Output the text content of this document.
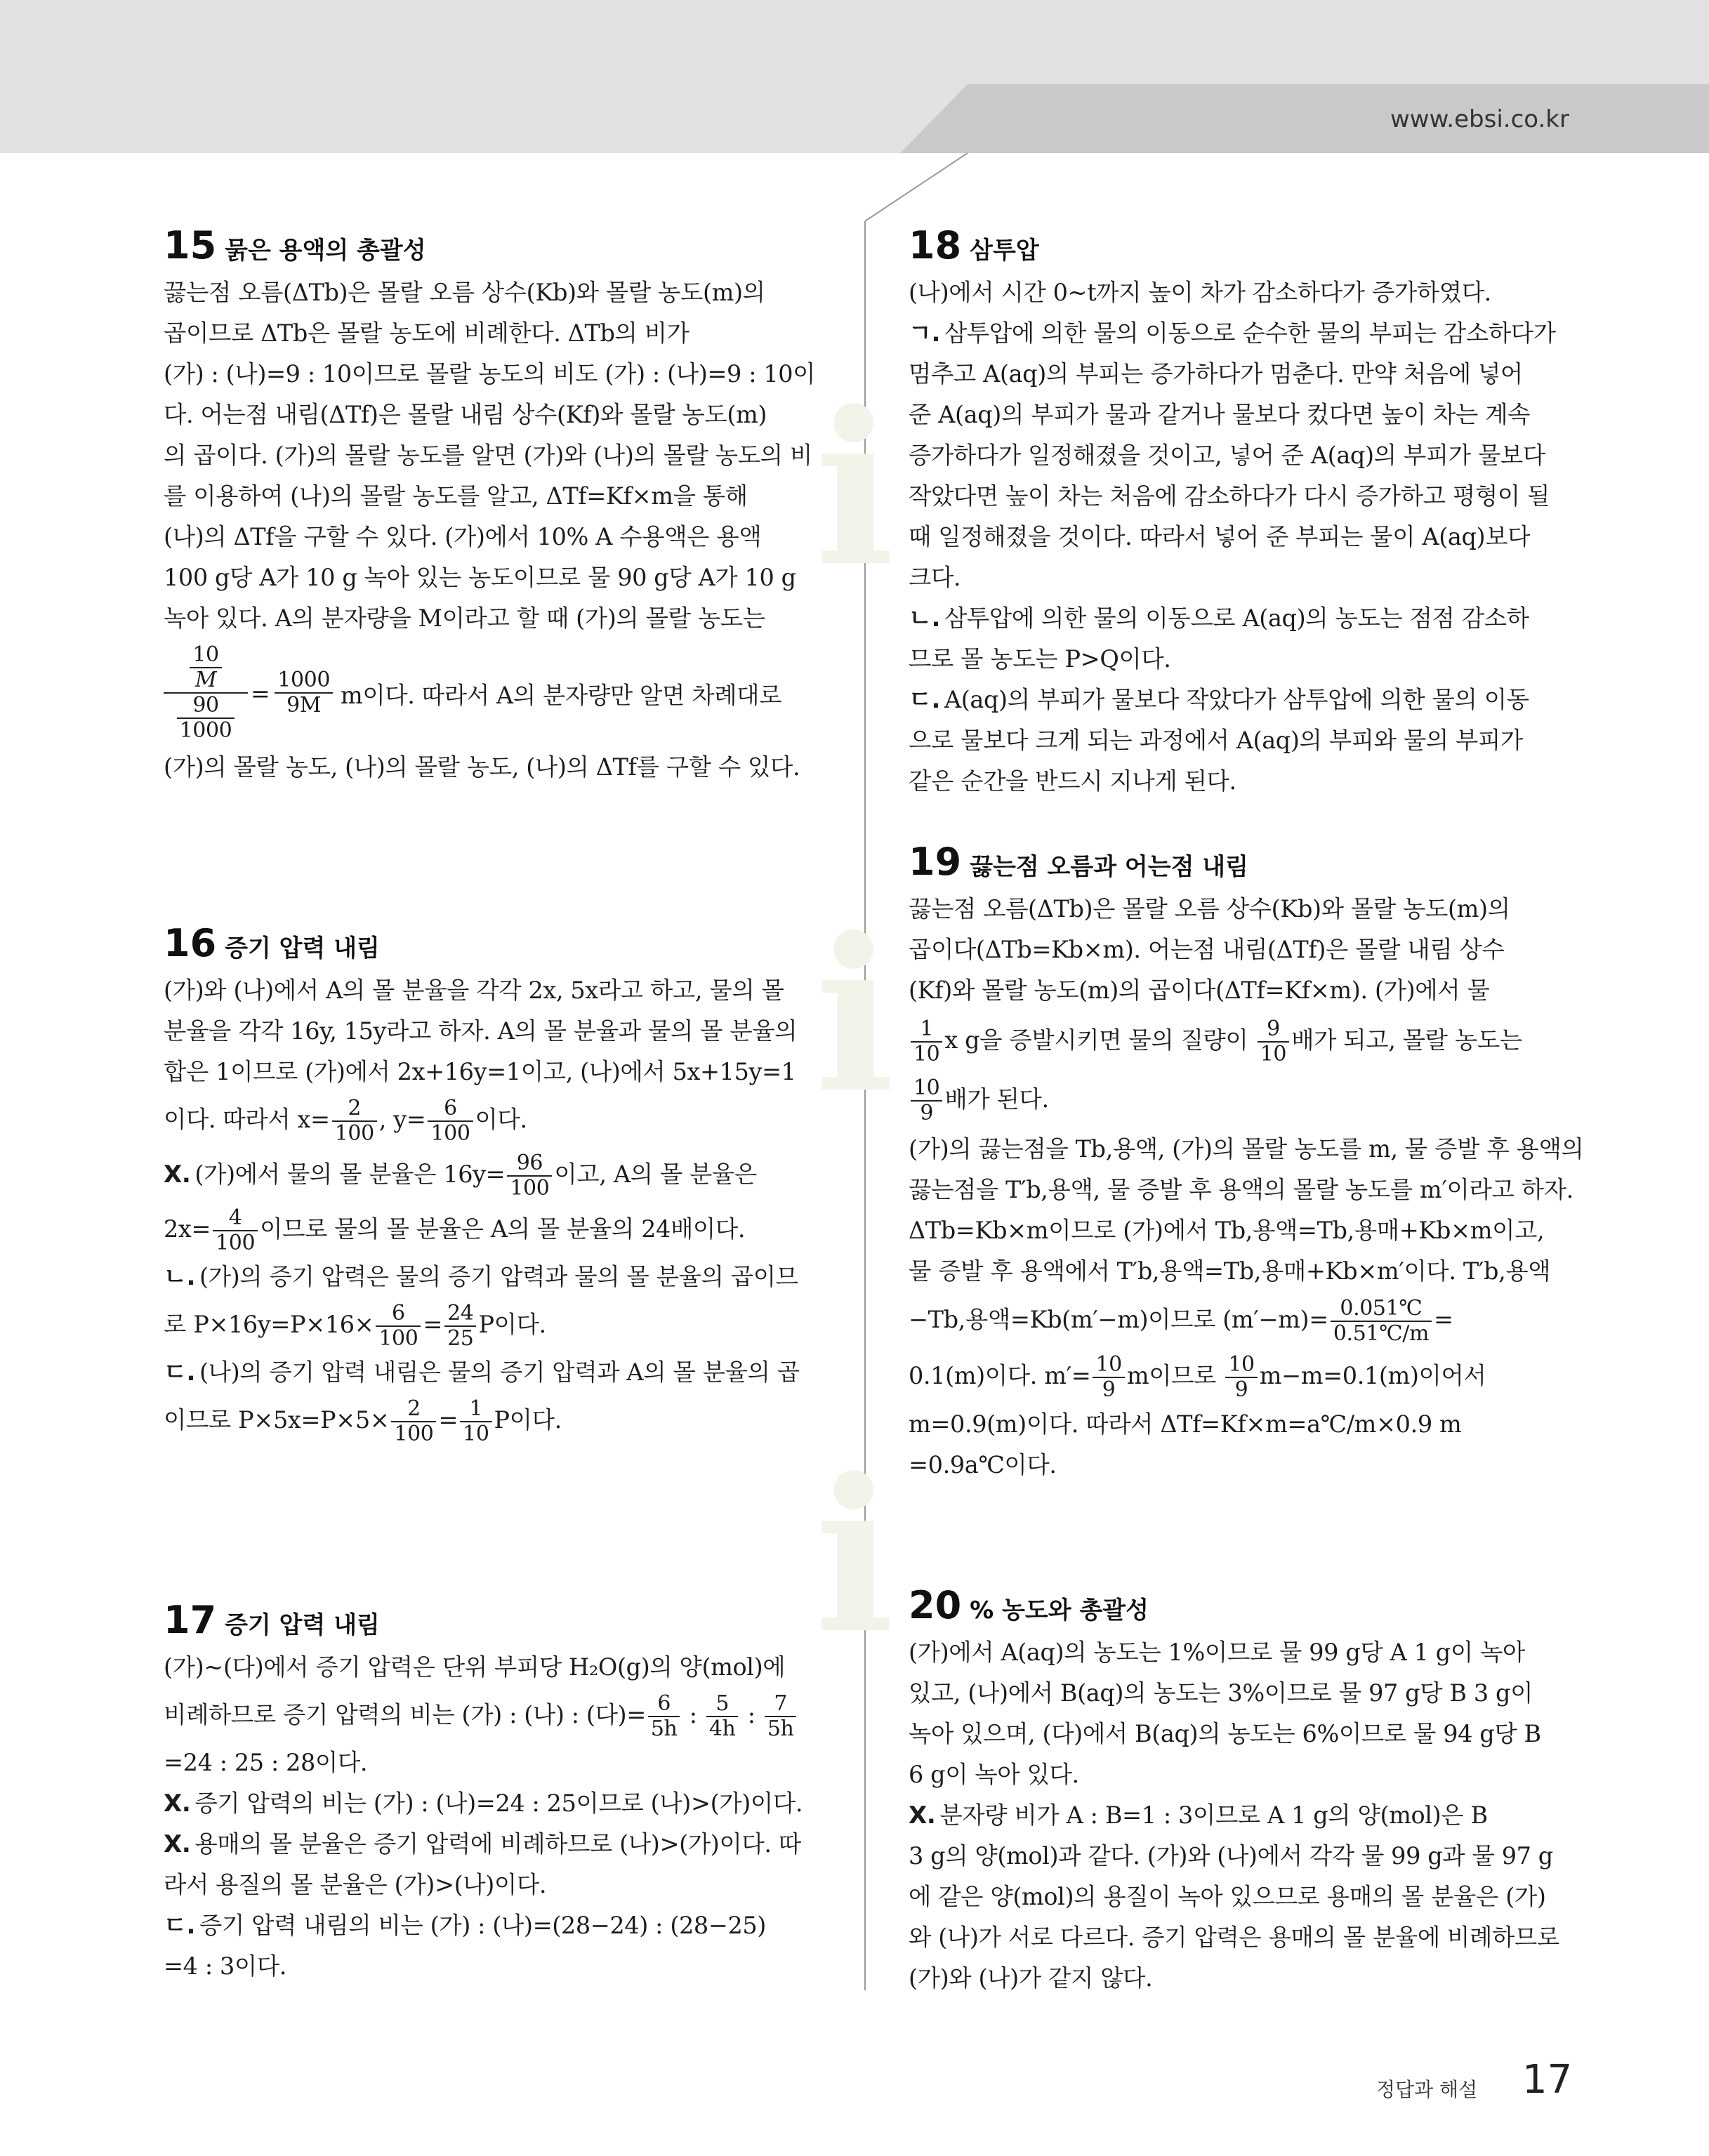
www.ebsi.co.kr
i
i
i
15 묽은 용액의 총괄성

끓는점 오름(ΔTb)은 몰랄 오름 상수(Kb)와 몰랄 농도(m)의

곱이므로 ΔTb은 몰랄 농도에 비례한다. ΔTb의 비가

(가) : (나)=9 : 10이므로 몰랄 농도의 비도 (가) : (나)=9 : 10이

다. 어는점 내림(ΔTf)은 몰랄 내림 상수(Kf)와 몰랄 농도(m)

의 곱이다. (가)의 몰랄 농도를 알면 (가)와 (나)의 몰랄 농도의 비

를 이용하여 (나)의 몰랄 농도를 알고, ΔTf=Kf×m을 통해

(나)의 ΔTf을 구할 수 있다. (가)에서 10% A 수용액은 용액

100 g당 A가 10 g 녹아 있는 농도이므로 물 90 g당 A가 10 g

녹아 있다. A의 분자량을 M이라고 할 때 (가)의 몰랄 농도는

$\frac{\frac{10}{M}}{\frac{90}{1000}} = \frac{1000}{9M}$ m이다. 따라서 A의 분자량만 알면 차례대로

(가)의 몰랄 농도, (나)의 몰랄 농도, (나)의 ΔTf를 구할 수 있다.

16 증기 압력 내림

(가)와 (나)에서 A의 몰 분율을 각각 2x, 5x라고 하고, 물의 몰

분율을 각각 16y, 15y라고 하자. A의 몰 분율과 물의 몰 분율의

합은 1이므로 (가)에서 2x+16y=1이고, (나)에서 5x+15y=1

이다. 따라서 $x= \frac{2}{100}$ , $y= \frac{6}{100}$ 이다.

X. (가)에서 물의 몰 분율은 $16y= \frac{96}{100}$ 이고, A의 몰 분율은

$2x= \frac{4}{100}$ 이므로 물의 몰 분율은 A의 몰 분율의 24배이다.

ㄴ. (가)의 증기 압력은 물의 증기 압력과 물의 몰 분율의 곱이므

로 $P\times 16y=P\times 16\times \frac{6}{100} = \frac{24}{25}$ P이다.

ㄷ. (나)의 증기 압력 내림은 물의 증기 압력과 A의 몰 분율의 곱

이므로 $P\times 5x=P\times 5\times \frac{2}{100} = \frac{1}{10}$ P이다.

17 증기 압력 내림

(가)~(다)에서 증기 압력은 단위 부피당 H₂O(g)의 양(mol)에

비례하므로 증기 압력의 비는 (가) : (나) : (다)= $\frac{6}{5h}$ : $\frac{5}{4h}$ : $\frac{7}{5h}$

=24 : 25 : 28이다.

X. 증기 압력의 비는 (가) : (나)=24 : 25이므로 (나)>(가)이다.

X. 용매의 몰 분율은 증기 압력에 비례하므로 (나)>(가)이다. 따

라서 용질의 몰 분율은 (가)>(나)이다.

ㄷ. 증기 압력 내림의 비는 (가) : (나)=(28−24) : (28−25)

=4 : 3이다.

18 삼투압

(나)에서 시간 0~t까지 높이 차가 감소하다가 증가하였다.

ㄱ. 삼투압에 의한 물의 이동으로 순수한 물의 부피는 감소하다가

멈추고 A(aq)의 부피는 증가하다가 멈춘다. 만약 처음에 넣어

준 A(aq)의 부피가 물과 같거나 물보다 컸다면 높이 차는 계속

증가하다가 일정해졌을 것이고, 넣어 준 A(aq)의 부피가 물보다

작았다면 높이 차는 처음에 감소하다가 다시 증가하고 평형이 될

때 일정해졌을 것이다. 따라서 넣어 준 부피는 물이 A(aq)보다

크다.

ㄴ. 삼투압에 의한 물의 이동으로 A(aq)의 농도는 점점 감소하

므로 몰 농도는 P>Q이다.

ㄷ. A(aq)의 부피가 물보다 작았다가 삼투압에 의한 물의 이동

으로 물보다 크게 되는 과정에서 A(aq)의 부피와 물의 부피가

같은 순간을 반드시 지나게 된다.

19 끓는점 오름과 어는점 내림

끓는점 오름(ΔTb)은 몰랄 오름 상수(Kb)와 몰랄 농도(m)의

곱이다(ΔTb=Kb×m). 어는점 내림(ΔTf)은 몰랄 내림 상수

(Kf)와 몰랄 농도(m)의 곱이다(ΔTf=Kf×m). (가)에서 물

$\frac{1}{10}$ x g을 증발시키면 물의 질량이 $\frac{9}{10}$ 배가 되고, 몰랄 농도는

$\frac{10}{9}$ 배가 된다.

(가)의 끓는점을 Tb,용액, (가)의 몰랄 농도를 m, 물 증발 후 용액의

끓는점을 T′b,용액, 물 증발 후 용액의 몰랄 농도를 m′이라고 하자.

ΔTb=Kb×m이므로 (가)에서 Tb,용액=Tb,용매+Kb×m이고,

물 증발 후 용액에서 T′b,용액=Tb,용매+Kb×m′이다. T′b,용액

−Tb,용액=Kb(m′−m)이므로 $(m'-m)= \frac{0.051℃}{0.51℃/m}$ =

0.1(m)이다. $m'= \frac{10}{9}$ m이므로 $\frac{10}{9} m-m=0.1(m)$이어서

m=0.9(m)이다. 따라서 ΔTf=Kf×m=a℃/m×0.9 m

=0.9a℃이다.

20 % 농도와 총괄성

(가)에서 A(aq)의 농도는 1%이므로 물 99 g당 A 1 g이 녹아

있고, (나)에서 B(aq)의 농도는 3%이므로 물 97 g당 B 3 g이

녹아 있으며, (다)에서 B(aq)의 농도는 6%이므로 물 94 g당 B

6 g이 녹아 있다.

X. 분자량 비가 A : B=1 : 3이므로 A 1 g의 양(mol)은 B

3 g의 양(mol)과 같다. (가)와 (나)에서 각각 물 99 g과 물 97 g

에 같은 양(mol)의 용질이 녹아 있으므로 용매의 몰 분율은 (가)

와 (나)가 서로 다르다. 증기 압력은 용매의 몰 분율에 비례하므로

(가)와 (나)가 같지 않다.

정답과 해설 17
